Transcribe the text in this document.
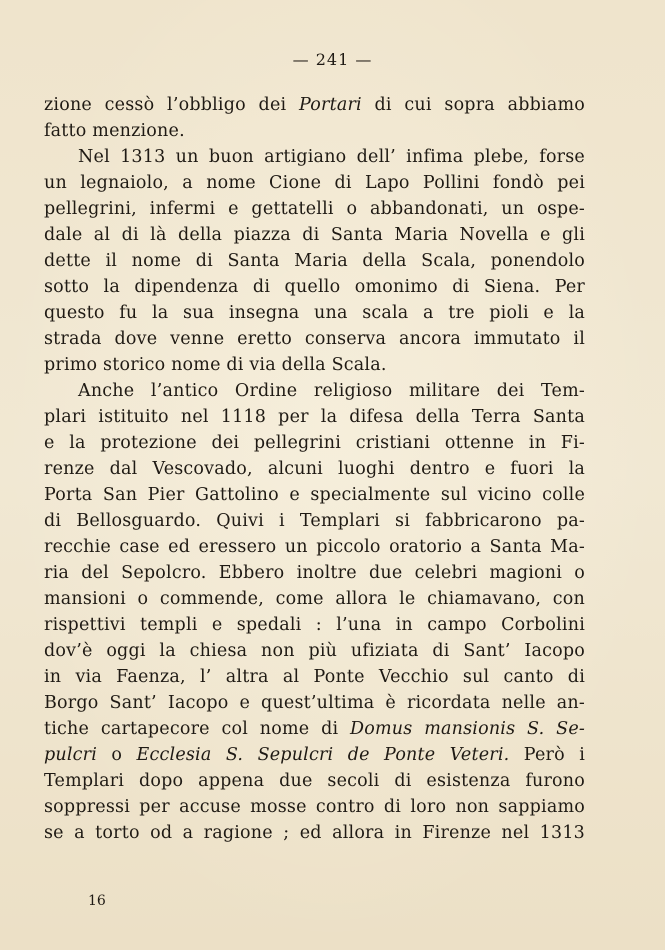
— 241 —
zione cessò l’obbligo dei Portari di cui sopra abbiamo
fatto menzione.
Nel 1313 un buon artigiano dell’ infima plebe, forse
un legnaiolo, a nome Cione di Lapo Pollini fondò pei
pellegrini, infermi e gettatelli o abbandonati, un ospe-
dale al di là della piazza di Santa Maria Novella e gli
dette il nome di Santa Maria della Scala, ponendolo
sotto la dipendenza di quello omonimo di Siena. Per
questo fu la sua insegna una scala a tre pioli e la
strada dove venne eretto conserva ancora immutato il
primo storico nome di via della Scala.
Anche l’antico Ordine religioso militare dei Tem-
plari istituito nel 1118 per la difesa della Terra Santa
e la protezione dei pellegrini cristiani ottenne in Fi-
renze dal Vescovado, alcuni luoghi dentro e fuori la
Porta San Pier Gattolino e specialmente sul vicino colle
di Bellosguardo. Quivi i Templari si fabbricarono pa-
recchie case ed eressero un piccolo oratorio a Santa Ma-
ria del Sepolcro. Ebbero inoltre due celebri magioni o
mansioni o commende, come allora le chiamavano, con
rispettivi templi e spedali : l’una in campo Corbolini
dov’è oggi la chiesa non più ufiziata di Sant’ Iacopo
in via Faenza, l’ altra al Ponte Vecchio sul canto di
Borgo Sant’ Iacopo e quest’ultima è ricordata nelle an-
tiche cartapecore col nome di Domus mansionis S. Se-
pulcri o Ecclesia S. Sepulcri de Ponte Veteri. Però i
Templari dopo appena due secoli di esistenza furono
soppressi per accuse mosse contro di loro non sappiamo
se a torto od a ragione ; ed allora in Firenze nel 1313
16
